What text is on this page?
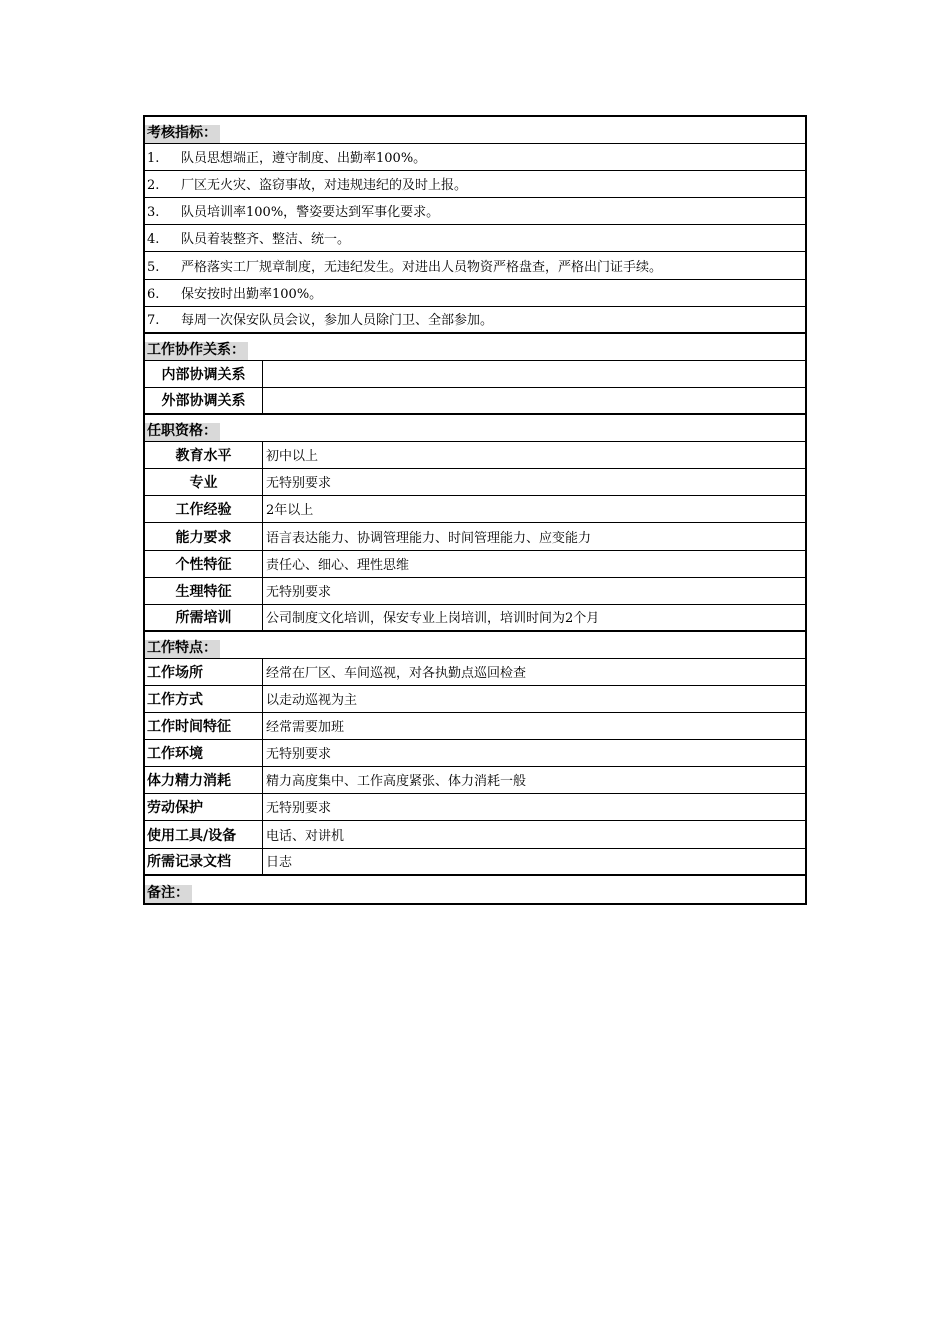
考核指标：
1.	队员思想端正，遵守制度、出勤率100%。
2.	厂区无火灾、盗窃事故，对违规违纪的及时上报。
3.	队员培训率100%，警姿要达到军事化要求。
4.	队员着装整齐、整洁、统一。
5.	严格落实工厂规章制度，无违纪发生。对进出人员物资严格盘查，严格出门证手续。
6.	保安按时出勤率100%。
7.	每周一次保安队员会议，参加人员除门卫、全部参加。
工作协作关系：
内部协调关系
外部协调关系
任职资格：
教育水平	初中以上
专业	无特别要求
工作经验	2年以上
能力要求	语言表达能力、协调管理能力、时间管理能力、应变能力
个性特征	责任心、细心、理性思维
生理特征	无特别要求
所需培训	公司制度文化培训，保安专业上岗培训，培训时间为2个月
工作特点：
工作场所	经常在厂区、车间巡视，对各执勤点巡回检查
工作方式	以走动巡视为主
工作时间特征	经常需要加班
工作环境	无特别要求
体力精力消耗	精力高度集中、工作高度紧张、体力消耗一般
劳动保护	无特别要求
使用工具/设备	电话、对讲机
所需记录文档	日志
备注：
